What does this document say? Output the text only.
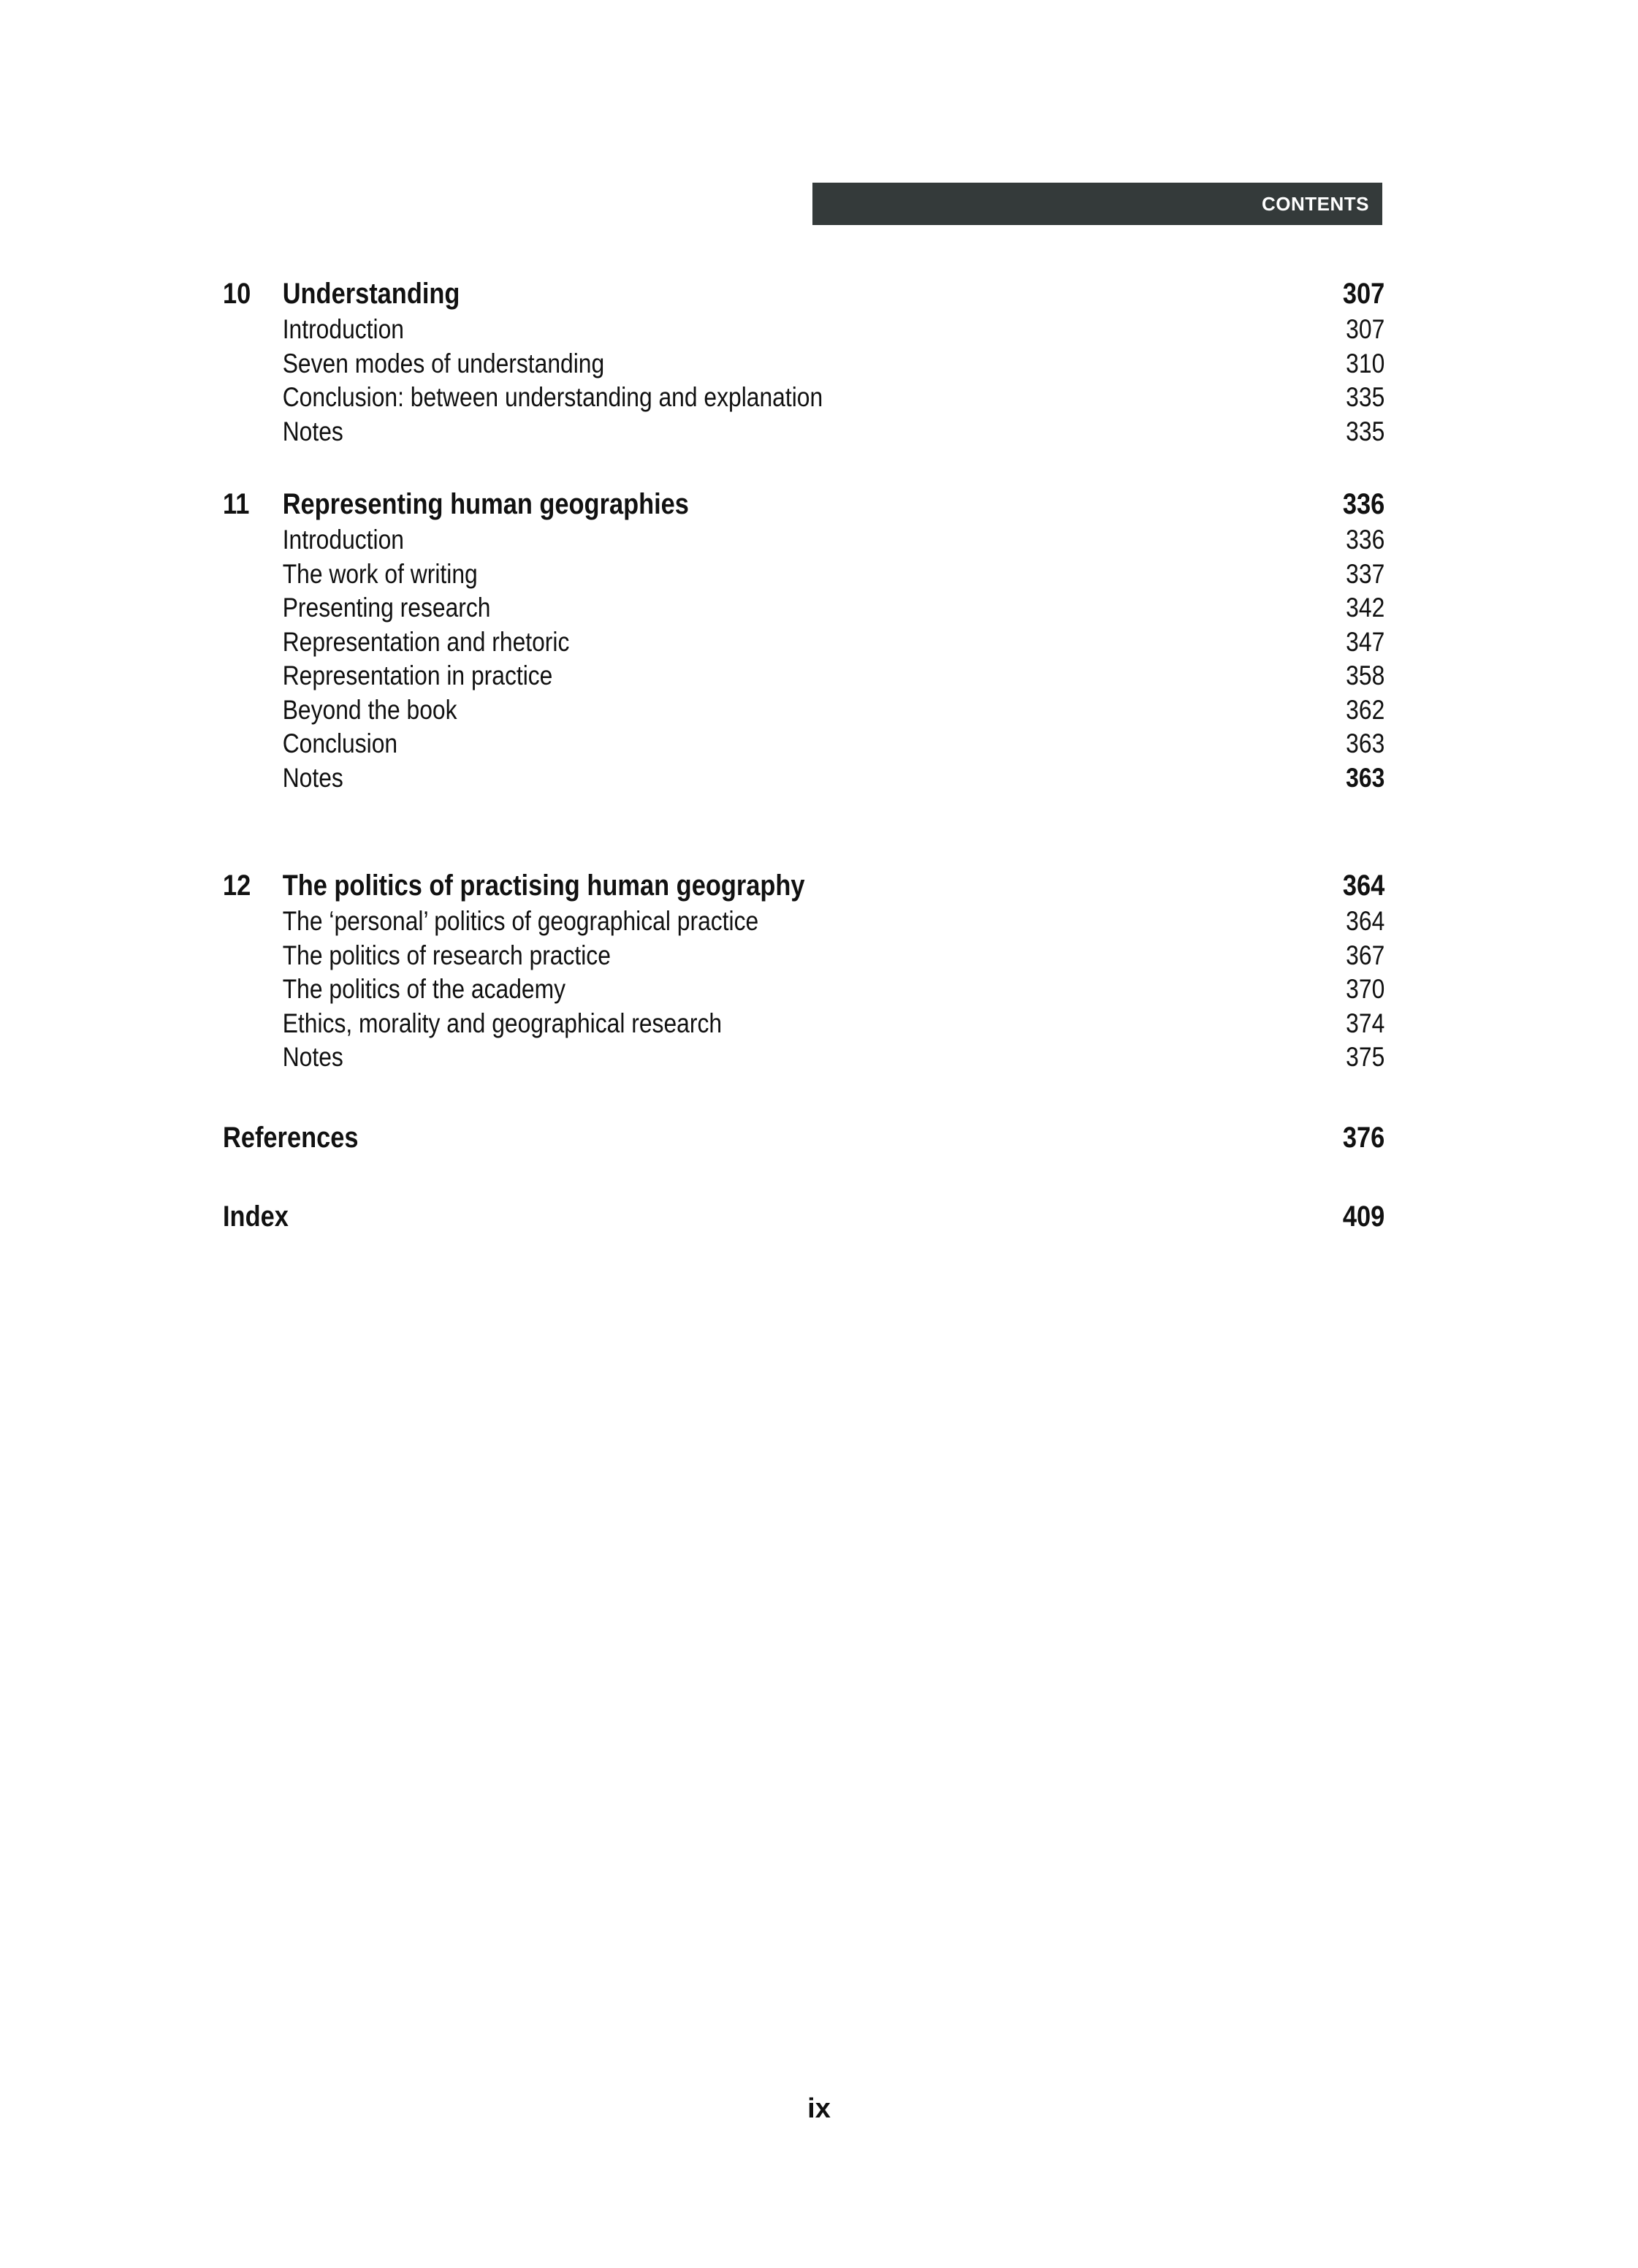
CONTENTS
10	Understanding	307
Introduction	307
Seven modes of understanding	310
Conclusion: between understanding and explanation	335
Notes	335
11	Representing human geographies	336
Introduction	336
The work of writing	337
Presenting research	342
Representation and rhetoric	347
Representation in practice	358
Beyond the book	362
Conclusion	363
Notes	363
12	The politics of practising human geography	364
The ‘personal’ politics of geographical practice	364
The politics of research practice	367
The politics of the academy	370
Ethics, morality and geographical research	374
Notes	375
References	376
Index	409
ix
